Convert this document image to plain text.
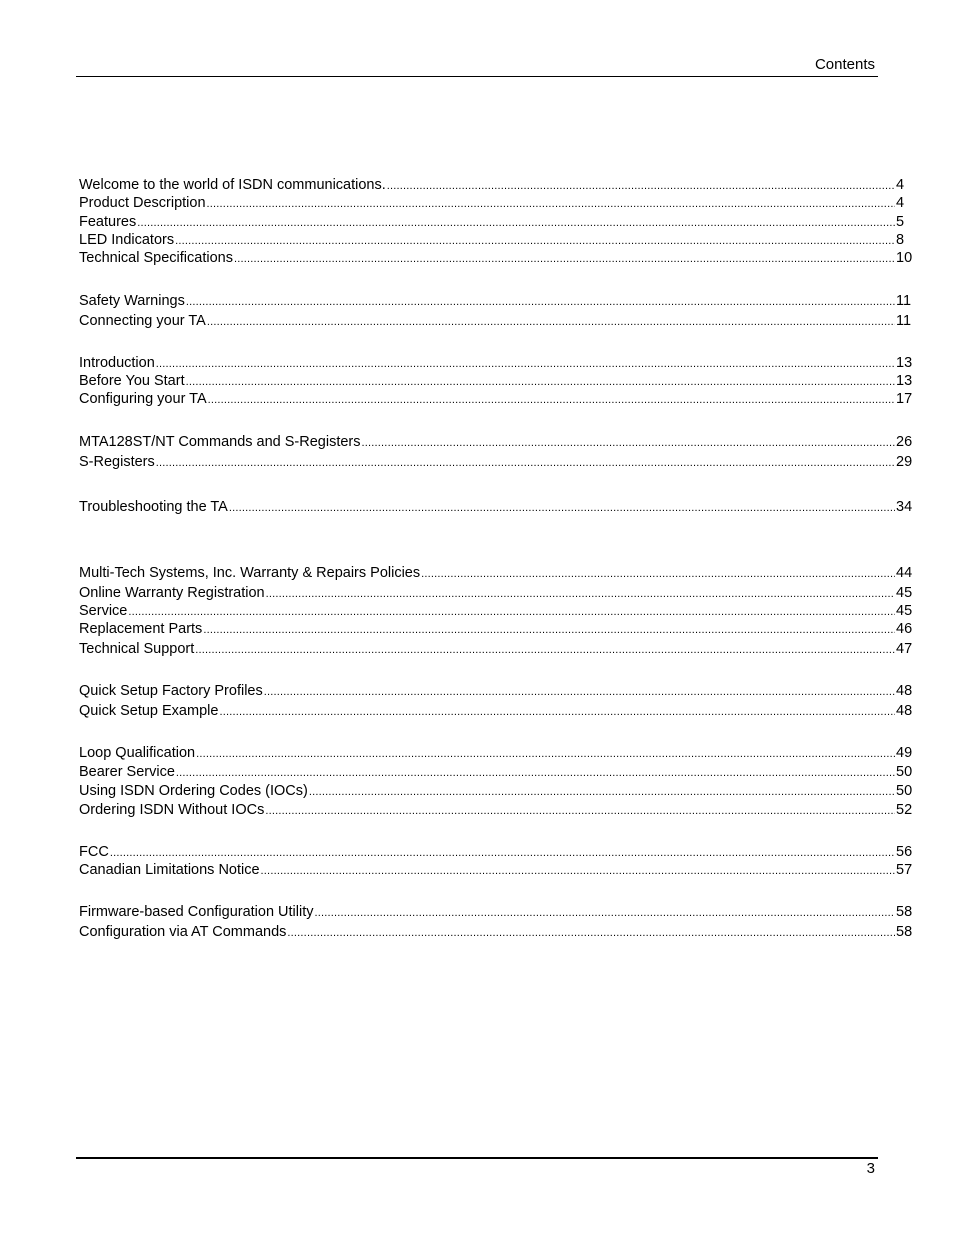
Contents
Welcome to the world of ISDN communications. .....	4
Product Description .....	4
Features .....	5
LED Indicators .....	8
Technical Specifications .....	10
Safety Warnings .....	11
Connecting your TA .....	11
Introduction .....	13
Before You Start .....	13
Configuring your TA .....	17
MTA128ST/NT Commands and S-Registers .....	26
S-Registers .....	29
Troubleshooting the TA .....	34
Multi-Tech Systems, Inc. Warranty & Repairs Policies .....	44
Online Warranty Registration .....	45
Service .....	45
Replacement Parts .....	46
Technical Support .....	47
Quick Setup Factory Profiles .....	48
Quick Setup Example .....	48
Loop Qualification .....	49
Bearer Service .....	50
Using ISDN Ordering Codes (IOCs) .....	50
Ordering ISDN Without IOCs .....	52
FCC .....	56
Canadian Limitations Notice .....	57
Firmware-based Configuration Utility .....	58
Configuration via AT Commands .....	58
3
